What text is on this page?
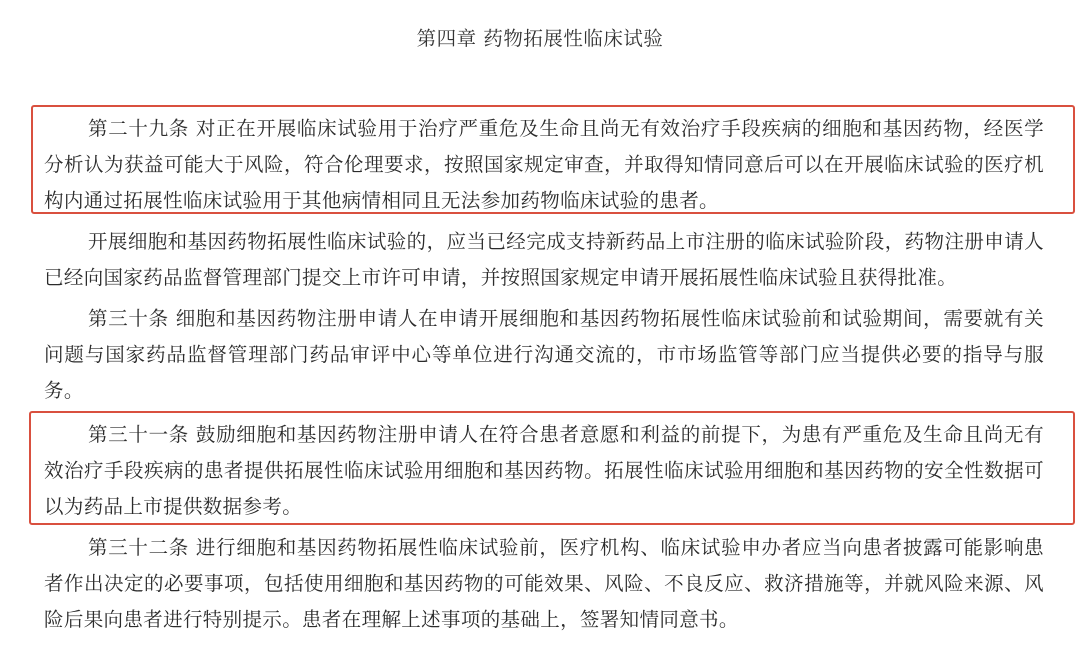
第四章 药物拓展性临床试验

第二十九条 对正在开展临床试验用于治疗严重危及生命且尚无有效治疗手段疾病的细胞和基因药物，经医学分析认为获益可能大于风险，符合伦理要求，按照国家规定审查，并取得知情同意后可以在开展临床试验的医疗机构内通过拓展性临床试验用于其他病情相同且无法参加药物临床试验的患者。

开展细胞和基因药物拓展性临床试验的，应当已经完成支持新药品上市注册的临床试验阶段，药物注册申请人已经向国家药品监督管理部门提交上市许可申请，并按照国家规定申请开展拓展性临床试验且获得批准。

第三十条 细胞和基因药物注册申请人在申请开展细胞和基因药物拓展性临床试验前和试验期间，需要就有关问题与国家药品监督管理部门药品审评中心等单位进行沟通交流的，市市场监管等部门应当提供必要的指导与服务。

第三十一条 鼓励细胞和基因药物注册申请人在符合患者意愿和利益的前提下，为患有严重危及生命且尚无有效治疗手段疾病的患者提供拓展性临床试验用细胞和基因药物。拓展性临床试验用细胞和基因药物的安全性数据可以为药品上市提供数据参考。

第三十二条 进行细胞和基因药物拓展性临床试验前，医疗机构、临床试验申办者应当向患者披露可能影响患者作出决定的必要事项，包括使用细胞和基因药物的可能效果、风险、不良反应、救济措施等，并就风险来源、风险后果向患者进行特别提示。患者在理解上述事项的基础上，签署知情同意书。
